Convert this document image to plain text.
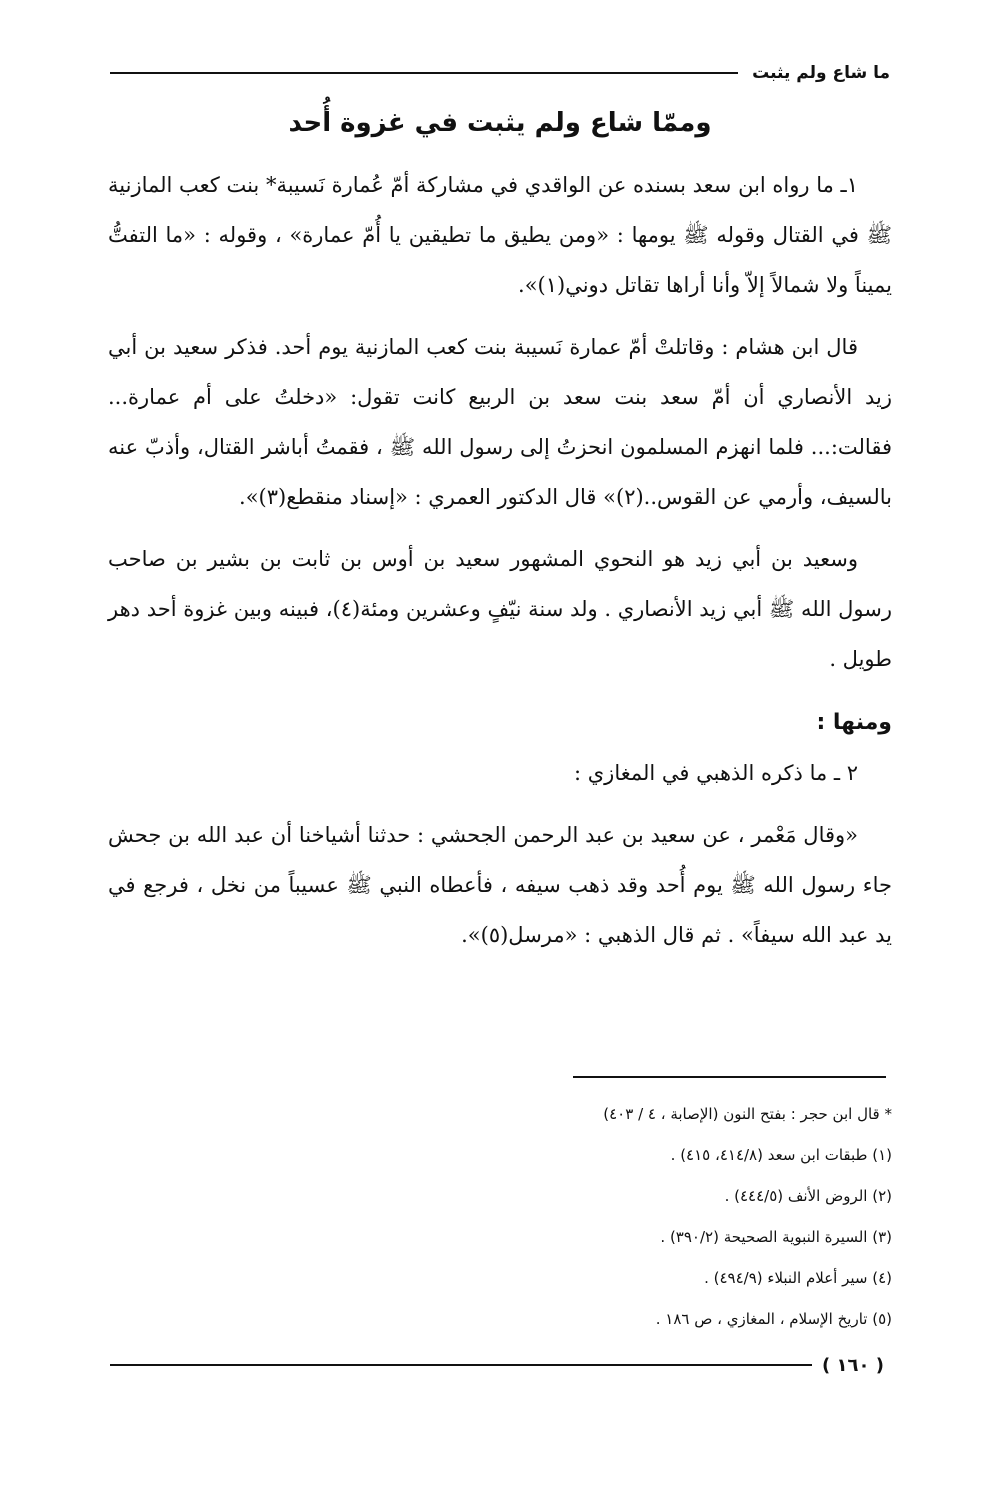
ما شاع ولم يثبت
وممّا شاع ولم يثبت في غزوة أُحد

١ـ ما رواه ابن سعد بسنده عن الواقدي في مشاركة أمّ عُمارة نَسيبة* بنت كعب المازنية ﷺ في القتال وقوله ﷺ يومها : «ومن يطيق ما تطيقين يا أُمّ عمارة» ، وقوله : «ما التفتُّ يميناً ولا شمالاً إلاّ وأنا أراها تقاتل دوني(١)».

قال ابن هشام : وقاتلتْ أمّ عمارة نَسيبة بنت كعب المازنية يوم أحد. فذكر سعيد بن أبي زيد الأنصاري أن أمّ سعد بنت سعد بن الربيع كانت تقول: «دخلتُ على أم عمارة... فقالت:... فلما انهزم المسلمون انحزتُ إلى رسول الله ﷺ ، فقمتُ أباشر القتال، وأذبّ عنه بالسيف، وأرمي عن القوس..(٢)» قال الدكتور العمري : «إسناد منقطع(٣)».

وسعيد بن أبي زيد هو النحوي المشهور سعيد بن أوس بن ثابت بن بشير بن صاحب رسول الله ﷺ أبي زيد الأنصاري . ولد سنة نيّفٍ وعشرين ومئة(٤)، فبينه وبين غزوة أحد دهر طويل .

ومنها :

٢ ـ ما ذكره الذهبي في المغازي :

«وقال مَعْمر ، عن سعيد بن عبد الرحمن الجحشي : حدثنا أشياخنا أن عبد الله بن جحش جاء رسول الله ﷺ يوم أُحد وقد ذهب سيفه ، فأعطاه النبي ﷺ عسيباً من نخل ، فرجع في يد عبد الله سيفاً» . ثم قال الذهبي : «مرسل(٥)».

* قال ابن حجر : بفتح النون (الإصابة ، ٤ / ٤٠٣)
(١) طبقات ابن سعد (٤١٤/٨، ٤١٥) .
(٢) الروض الأنف (٤٤٤/٥) .
(٣) السيرة النبوية الصحيحة (٣٩٠/٢) .
(٤) سير أعلام النبلاء (٤٩٤/٩) .
(٥) تاريخ الإسلام ، المغازي ، ص ١٨٦ .
( ١٦٠ )
